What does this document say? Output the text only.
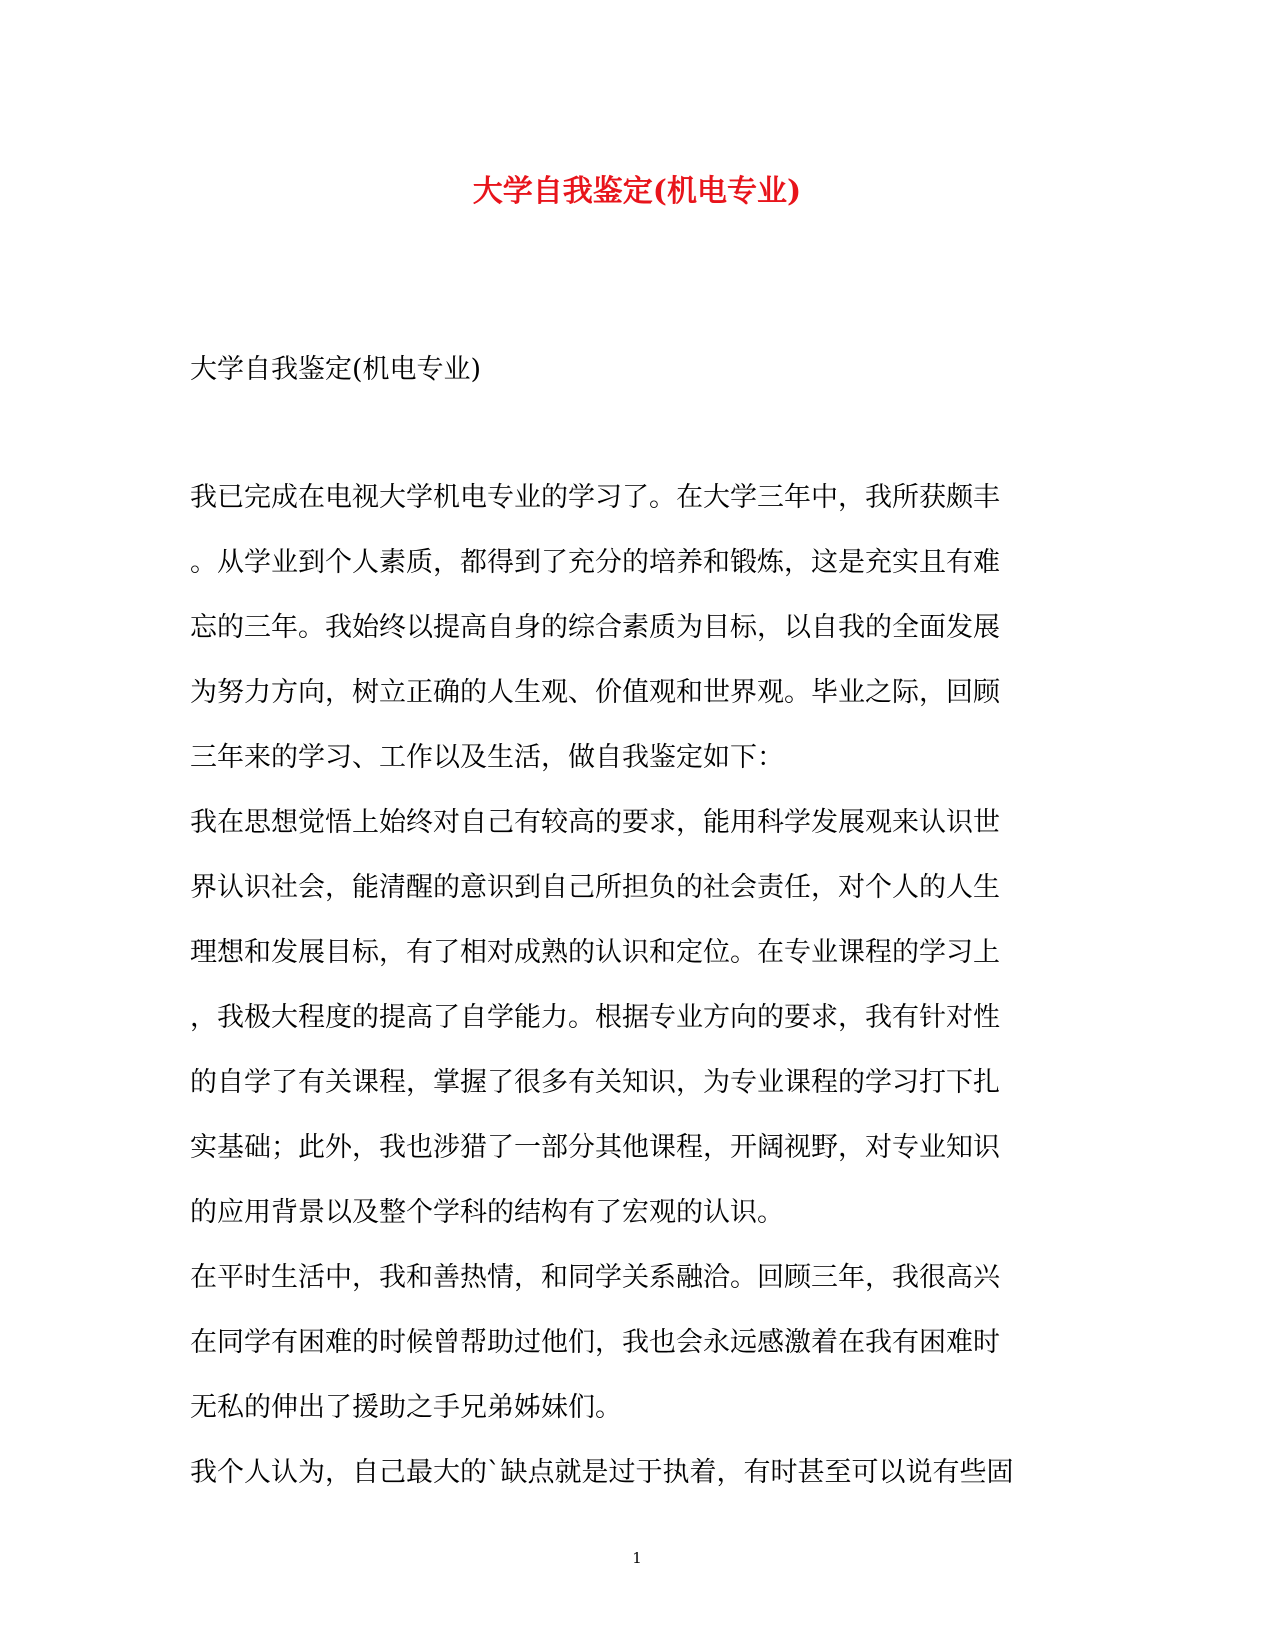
大学自我鉴定(机电专业)
大学自我鉴定(机电专业)
我已完成在电视大学机电专业的学习了。在大学三年中，我所获颇丰
。从学业到个人素质，都得到了充分的培养和锻炼，这是充实且有难
忘的三年。我始终以提高自身的综合素质为目标，以自我的全面发展
为努力方向，树立正确的人生观、价值观和世界观。毕业之际，回顾
三年来的学习、工作以及生活，做自我鉴定如下：
我在思想觉悟上始终对自己有较高的要求，能用科学发展观来认识世
界认识社会，能清醒的意识到自己所担负的社会责任，对个人的人生
理想和发展目标，有了相对成熟的认识和定位。在专业课程的学习上
，我极大程度的提高了自学能力。根据专业方向的要求，我有针对性
的自学了有关课程，掌握了很多有关知识，为专业课程的学习打下扎
实基础；此外，我也涉猎了一部分其他课程，开阔视野，对专业知识
的应用背景以及整个学科的结构有了宏观的认识。
在平时生活中，我和善热情，和同学关系融洽。回顾三年，我很高兴
在同学有困难的时候曾帮助过他们，我也会永远感激着在我有困难时
无私的伸出了援助之手兄弟姊妹们。
我个人认为，自己最大的`缺点就是过于执着，有时甚至可以说有些固
1
